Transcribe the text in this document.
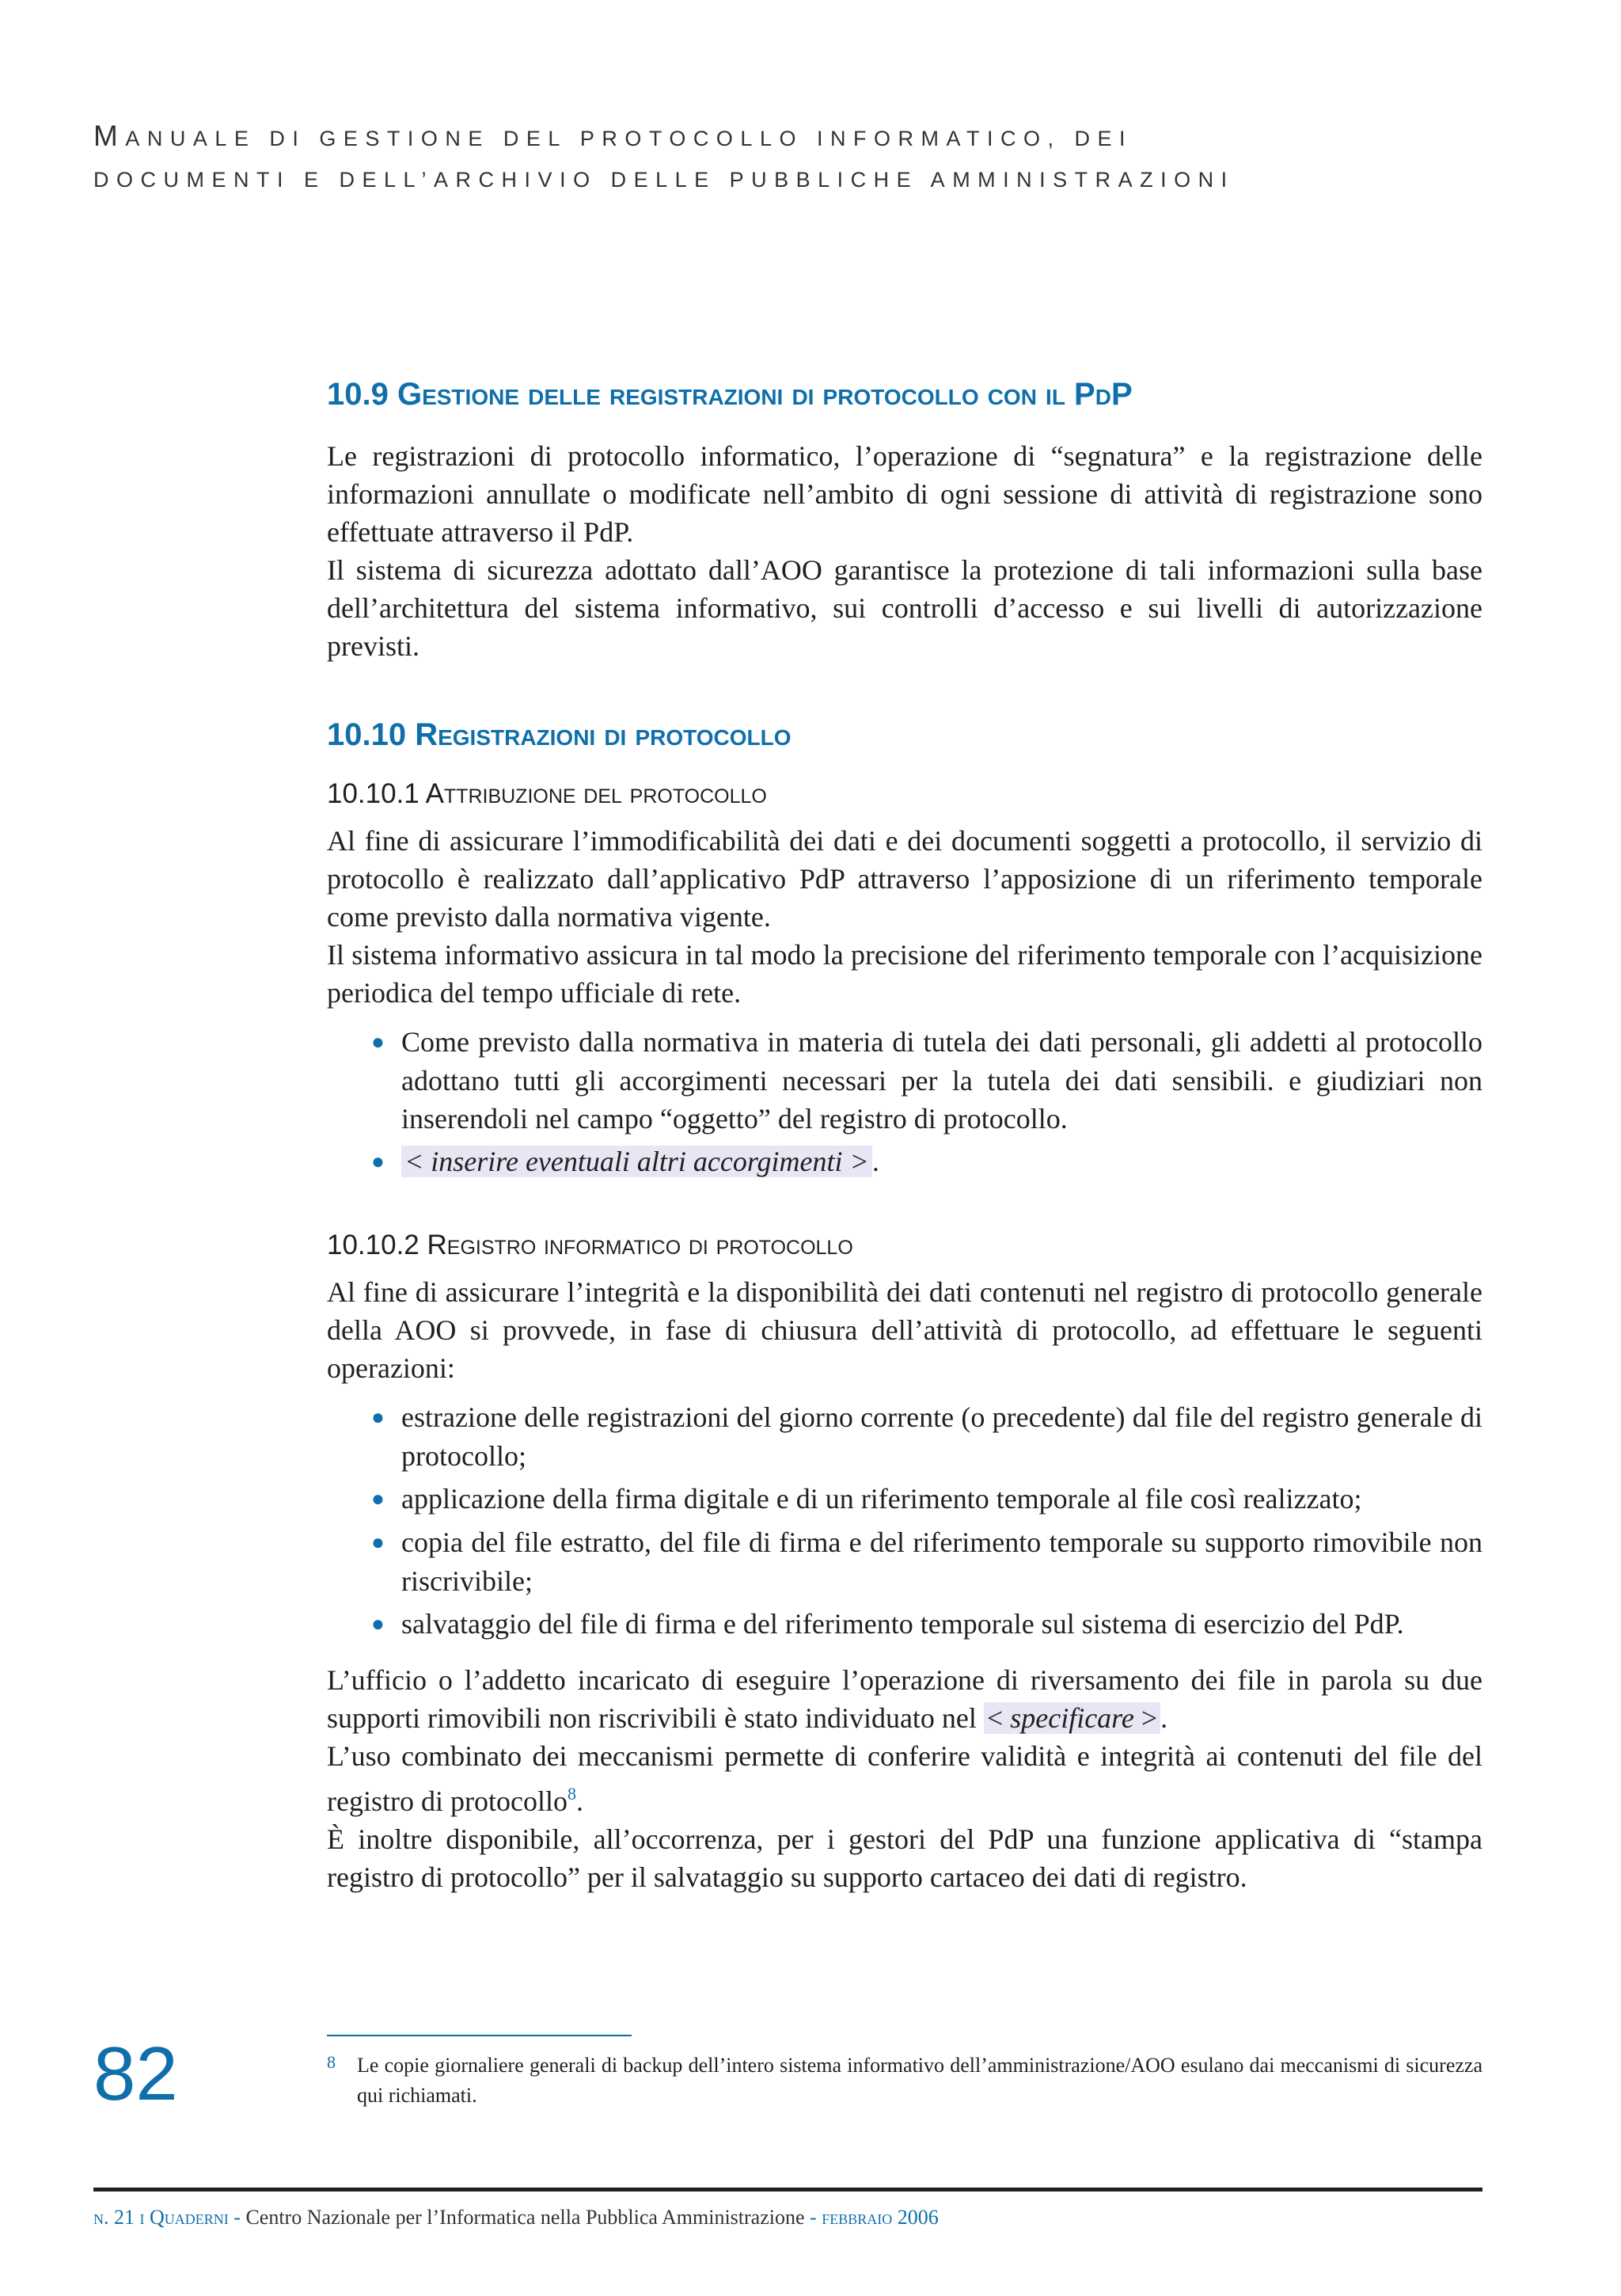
MANUALE DI GESTIONE DEL PROTOCOLLO INFORMATICO, DEI
DOCUMENTI E DELL’ARCHIVIO DELLE PUBBLICHE AMMINISTRAZIONI
10.9 Gestione delle registrazioni di protocollo con il PdP

Le registrazioni di protocollo informatico, l’operazione di “segnatura” e la registrazione delle informazioni annullate o modificate nell’ambito di ogni sessione di attività di registrazione sono effettuate attraverso il PdP.

Il sistema di sicurezza adottato dall’AOO garantisce la protezione di tali informazioni sulla base dell’architettura del sistema informativo, sui controlli d’accesso e sui livelli di autorizzazione previsti.

10.10 Registrazioni di protocollo
10.10.1 Attribuzione del protocollo

Al fine di assicurare l’immodificabilità dei dati e dei documenti soggetti a protocollo, il servizio di protocollo è realizzato dall’applicativo PdP attraverso l’apposizione di un riferimento temporale come previsto dalla normativa vigente.

Il sistema informativo assicura in tal modo la precisione del riferimento temporale con l’acquisizione periodica del tempo ufficiale di rete.

● Come previsto dalla normativa in materia di tutela dei dati personali, gli addetti al protocollo adottano tutti gli accorgimenti necessari per la tutela dei dati sensibili. e giudiziari non inserendoli nel campo “oggetto” del registro di protocollo.
● < inserire eventuali altri accorgimenti > .
10.10.2 Registro informatico di protocollo

Al fine di assicurare l’integrità e la disponibilità dei dati contenuti nel registro di protocollo generale della AOO si provvede, in fase di chiusura dell’attività di protocollo, ad effettuare le seguenti operazioni:

● estrazione delle registrazioni del giorno corrente (o precedente) dal file del registro generale di protocollo;
● applicazione della firma digitale e di un riferimento temporale al file così realizzato;
● copia del file estratto, del file di firma e del riferimento temporale su supporto rimovibile non riscrivibile;
● salvataggio del file di firma e del riferimento temporale sul sistema di esercizio del PdP.

L’ufficio o l’addetto incaricato di eseguire l’operazione di riversamento dei file in parola su due supporti rimovibili non riscrivibili è stato individuato nel < specificare > .

L’uso combinato dei meccanismi permette di conferire validità e integrità ai contenuti del file del registro di protocollo$^8$.

È inoltre disponibile, all’occorrenza, per i gestori del PdP una funzione applicativa di “stampa registro di protocollo” per il salvataggio su supporto cartaceo dei dati di registro.

82	8 Le copie giornaliere generali di backup dell’intero sistema informativo dell’amministrazione/AOO esulano dai meccanismi di sicurezza qui richiamati.
n. 21 i Quaderni - Centro Nazionale per l’Informatica nella Pubblica Amministrazione - febbraio 2006
